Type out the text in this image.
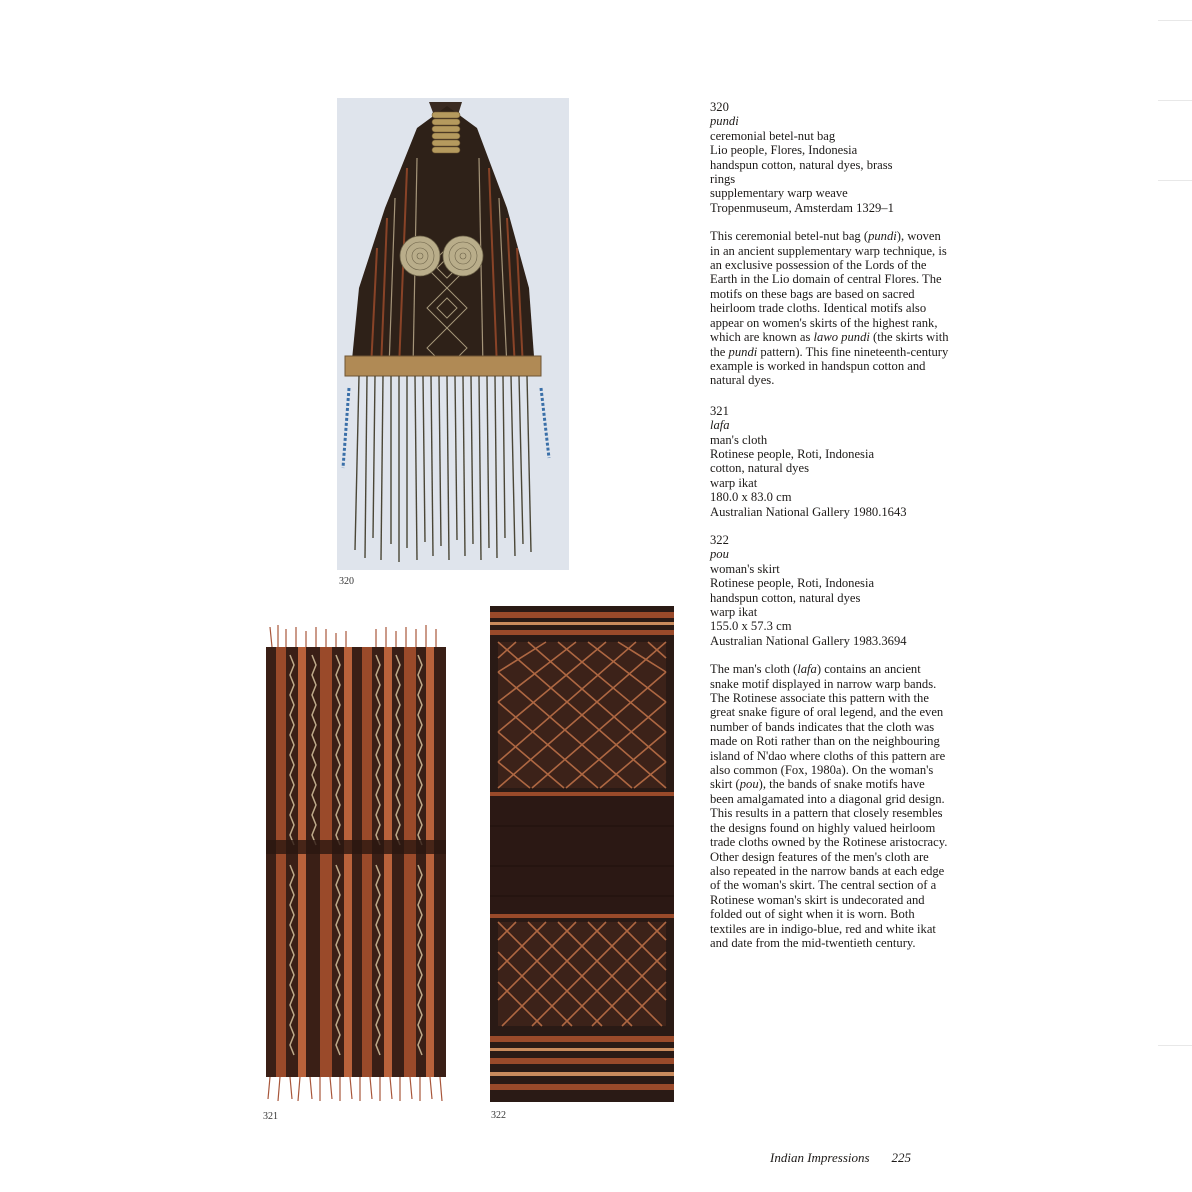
320
321	322
320
pundi
ceremonial betel-nut bag
Lio people, Flores, Indonesia
handspun cotton, natural dyes, brass
rings
supplementary warp weave
Tropenmuseum, Amsterdam 1329–1

This ceremonial betel-nut bag (pundi), woven in an ancient supplementary warp technique, is an exclusive possession of the Lords of the Earth in the Lio domain of central Flores. The motifs on these bags are based on sacred heirloom trade cloths. Identical motifs also appear on women's skirts of the highest rank, which are known as lawo pundi (the skirts with the pundi pattern). This fine nineteenth-century example is worked in handspun cotton and natural dyes.

321
lafa
man's cloth
Rotinese people, Roti, Indonesia
cotton, natural dyes
warp ikat
180.0 x 83.0 cm
Australian National Gallery 1980.1643
322
pou
woman's skirt
Rotinese people, Roti, Indonesia
handspun cotton, natural dyes
warp ikat
155.0 x 57.3 cm
Australian National Gallery 1983.3694

The man's cloth (lafa) contains an ancient snake motif displayed in narrow warp bands. The Rotinese associate this pattern with the great snake figure of oral legend, and the even number of bands indicates that the cloth was made on Roti rather than on the neighbouring island of N'dao where cloths of this pattern are also common (Fox, 1980a). On the woman's skirt (pou), the bands of snake motifs have been amalgamated into a diagonal grid design. This results in a pattern that closely resembles the designs found on highly valued heirloom trade cloths owned by the Rotinese aristocracy. Other design features of the men's cloth are also repeated in the narrow bands at each edge of the woman's skirt. The central section of a Rotinese woman's skirt is undecorated and folded out of sight when it is worn. Both textiles are in indigo-blue, red and white ikat and date from the mid-twentieth century.

Indian Impressions 225
